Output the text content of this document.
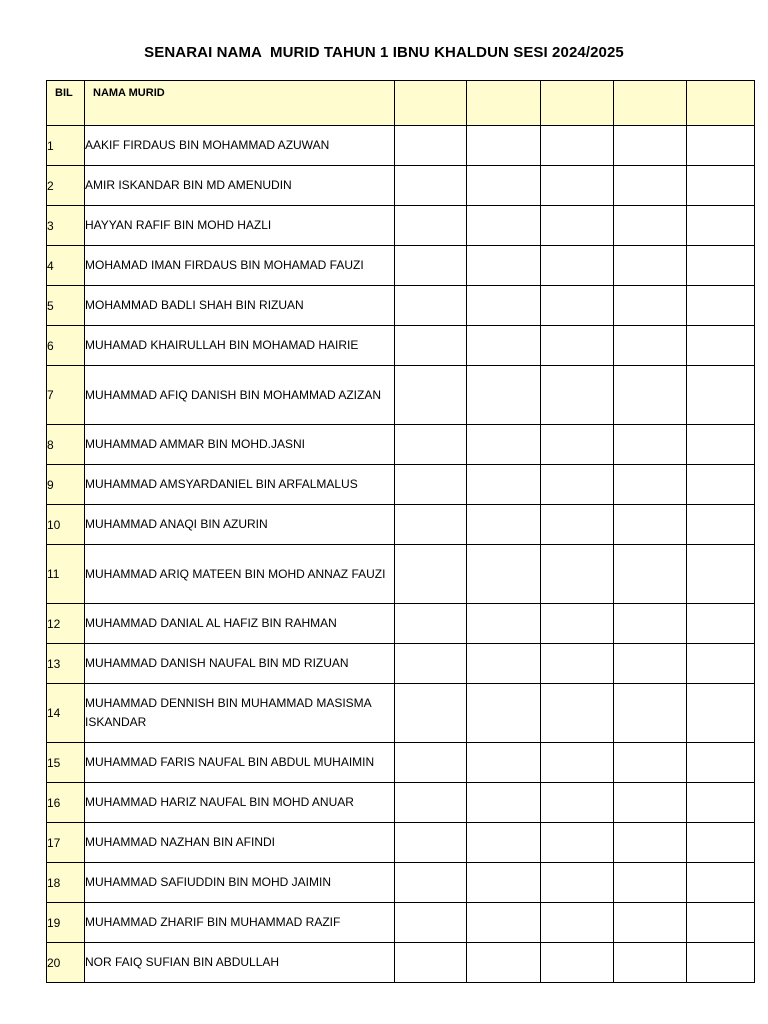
SENARAI NAMA  MURID TAHUN 1 IBNU KHALDUN SESI 2024/2025
BIL	NAMA MURID					
1	AAKIF FIRDAUS BIN MOHAMMAD AZUWAN					
2	AMIR ISKANDAR BIN MD AMENUDIN					
3	HAYYAN RAFIF BIN MOHD HAZLI					
4	MOHAMAD IMAN FIRDAUS BIN MOHAMAD FAUZI					
5	MOHAMMAD BADLI SHAH BIN RIZUAN					
6	MUHAMAD KHAIRULLAH BIN MOHAMAD HAIRIE					
7	MUHAMMAD AFIQ DANISH BIN MOHAMMAD AZIZAN					
8	MUHAMMAD AMMAR BIN MOHD.JASNI					
9	MUHAMMAD AMSYARDANIEL BIN ARFALMALUS					
10	MUHAMMAD ANAQI BIN AZURIN					
11	MUHAMMAD ARIQ MATEEN BIN MOHD ANNAZ FAUZI					
12	MUHAMMAD DANIAL AL HAFIZ BIN RAHMAN					
13	MUHAMMAD DANISH NAUFAL BIN MD RIZUAN					
14	MUHAMMAD DENNISH BIN MUHAMMAD MASISMA ISKANDAR					
15	MUHAMMAD FARIS NAUFAL BIN ABDUL MUHAIMIN					
16	MUHAMMAD HARIZ NAUFAL BIN MOHD ANUAR					
17	MUHAMMAD NAZHAN BIN AFINDI					
18	MUHAMMAD SAFIUDDIN BIN MOHD JAIMIN					
19	MUHAMMAD ZHARIF BIN MUHAMMAD RAZIF					
20	NOR FAIQ SUFIAN BIN ABDULLAH					
